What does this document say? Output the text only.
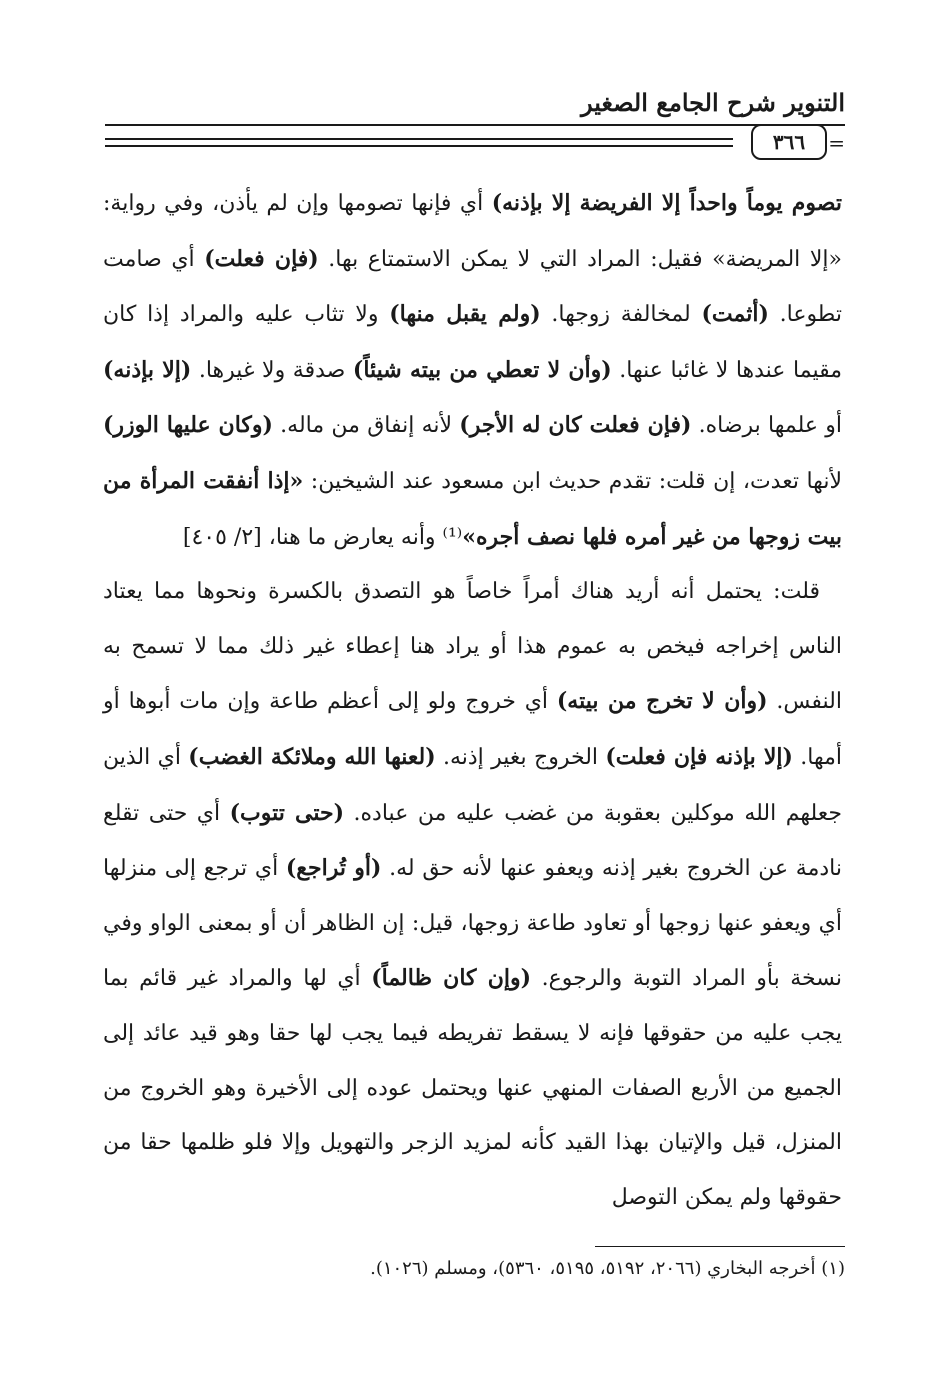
التنوير شرح الجامع الصغير
٣٦٦	=

تصوم يوماً واحداً إلا الفريضة إلا بإذنه) أي فإنها تصومها وإن لم يأذن، وفي رواية: «إلا المريضة» فقيل: المراد التي لا يمكن الاستمتاع بها. (فإن فعلت) أي صامت تطوعا. (أثمت) لمخالفة زوجها. (ولم يقبل منها) ولا تثاب عليه والمراد إذا كان مقيما عندها لا غائبا عنها. (وأن لا تعطي من بيته شيئاً) صدقة ولا غيرها. (إلا بإذنه) أو علمها برضاه. (فإن فعلت كان له الأجر) لأنه إنفاق من ماله. (وكان عليها الوزر) لأنها تعدت، إن قلت: تقدم حديث ابن مسعود عند الشيخين: «إذا أنفقت المرأة من بيت زوجها من غير أمره فلها نصف أجره»⁽¹⁾ وأنه يعارض ما هنا، [٢/ ٤٠٥]

قلت: يحتمل أنه أريد هناك أمراً خاصاً هو التصدق بالكسرة ونحوها مما يعتاد الناس إخراجه فيخص به عموم هذا أو يراد هنا إعطاء غير ذلك مما لا تسمح به النفس. (وأن لا تخرج من بيته) أي خروج ولو إلى أعظم طاعة وإن مات أبوها أو أمها. (إلا بإذنه فإن فعلت) الخروج بغير إذنه. (لعنها الله وملائكة الغضب) أي الذين جعلهم الله موكلين بعقوبة من غضب عليه من عباده. (حتى تتوب) أي حتى تقلع نادمة عن الخروج بغير إذنه ويعفو عنها لأنه حق له. (أو تُراجع) أي ترجع إلى منزلها أي ويعفو عنها زوجها أو تعاود طاعة زوجها، قيل: إن الظاهر أن أو بمعنى الواو وفي نسخة بأو المراد التوبة والرجوع. (وإن كان ظالماً) أي لها والمراد غير قائم بما يجب عليه من حقوقها فإنه لا يسقط تفريطه فيما يجب لها حقا وهو قيد عائد إلى الجميع من الأربع الصفات المنهي عنها ويحتمل عوده إلى الأخيرة وهو الخروج من المنزل، قيل والإتيان بهذا القيد كأنه لمزيد الزجر والتهويل وإلا فلو ظلمها حقا من حقوقها ولم يمكن التوصل

(١) أخرجه البخاري (٢٠٦٦، ٥١٩٢، ٥١٩٥، ٥٣٦٠)، ومسلم (١٠٢٦).
